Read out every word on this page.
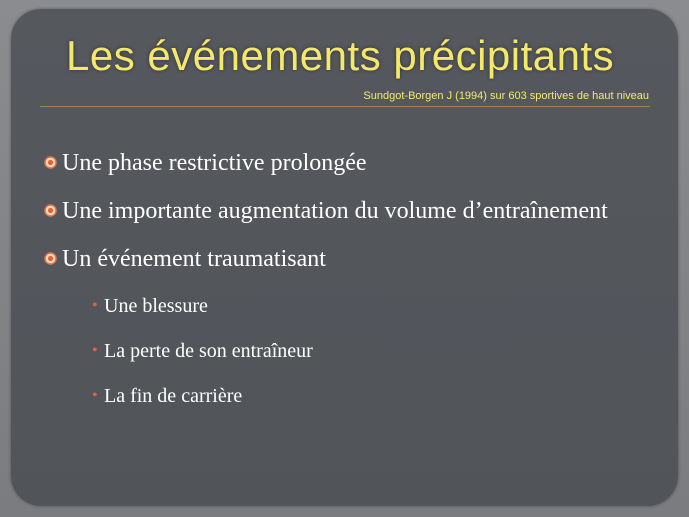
Les événements précipitants
Sundgot-Borgen J (1994) sur 603 sportives de haut niveau
Une phase restrictive prolongée
Une importante augmentation du volume d’entraînement
Un événement traumatisant
• Une blessure
• La perte de son entraîneur
• La fin de carrière
